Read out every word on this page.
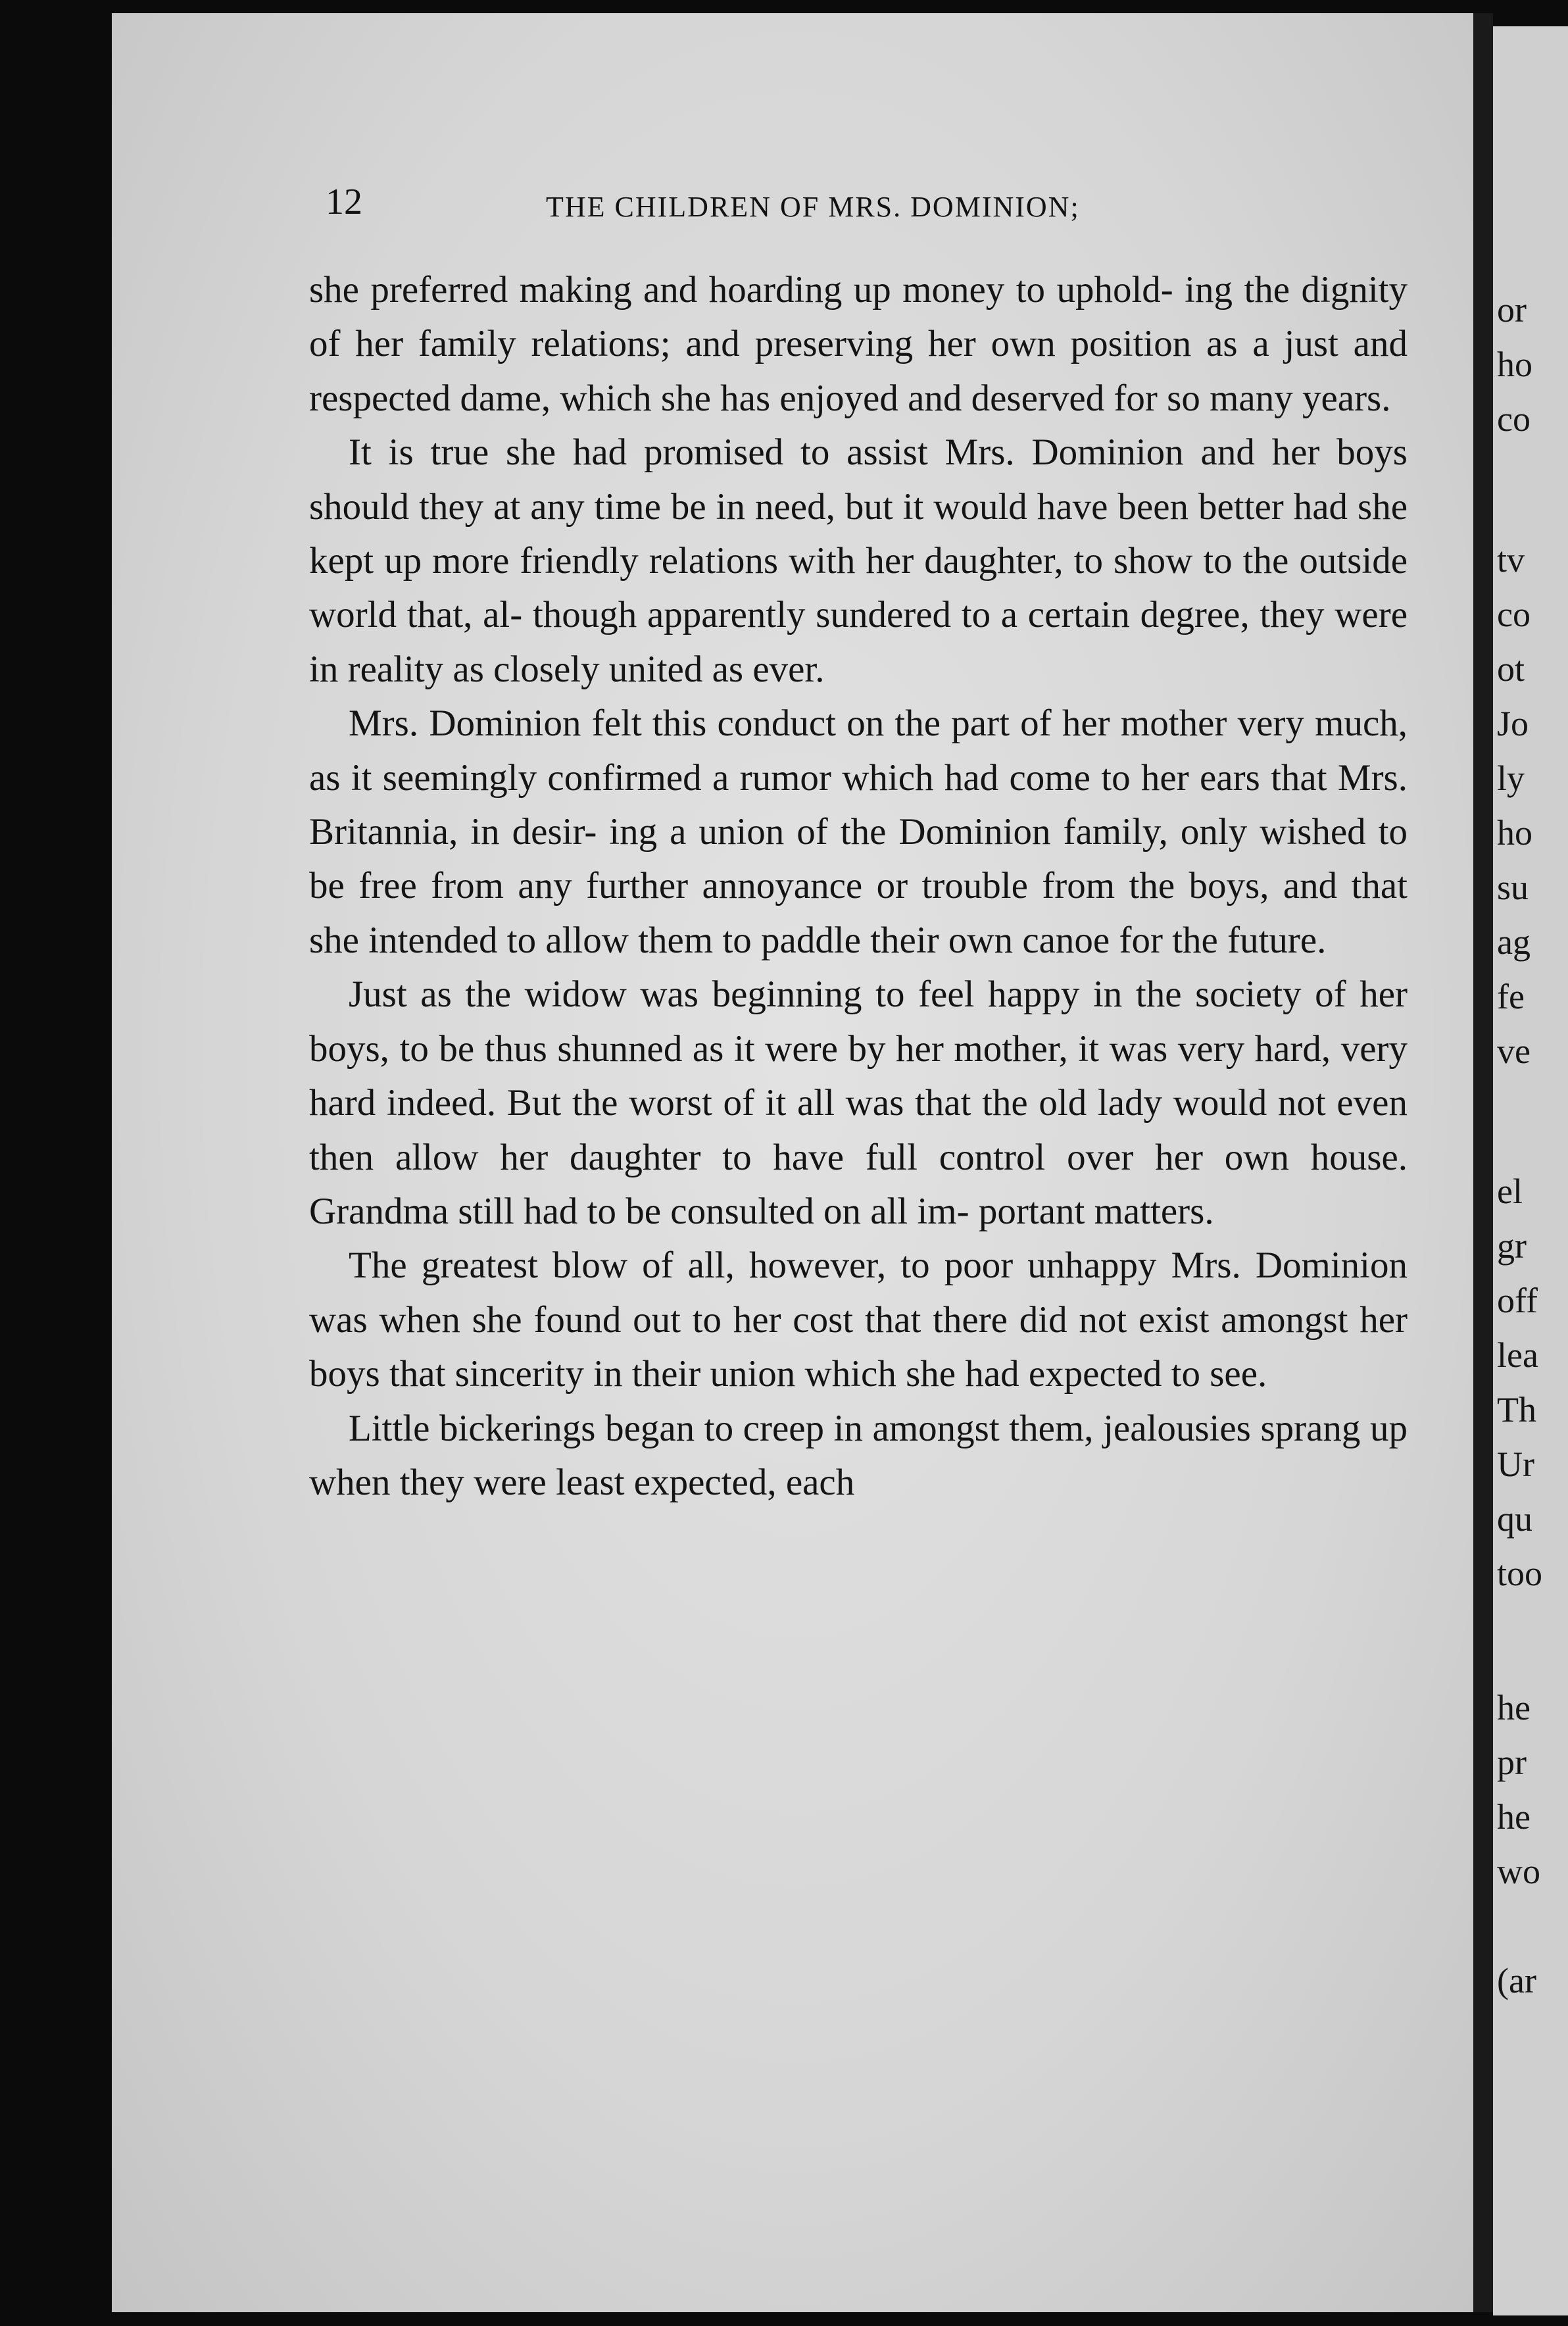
12	THE CHILDREN OF MRS. DOMINION;

she preferred making and hoarding up money to uphold- ing the dignity of her family relations; and preserving her own position as a just and respected dame, which she has enjoyed and deserved for so many years.

It is true she had promised to assist Mrs. Dominion and her boys should they at any time be in need, but it would have been better had she kept up more friendly relations with her daughter, to show to the outside world that, al- though apparently sundered to a certain degree, they were in reality as closely united as ever.

Mrs. Dominion felt this conduct on the part of her mother very much, as it seemingly confirmed a rumor which had come to her ears that Mrs. Britannia, in desir- ing a union of the Dominion family, only wished to be free from any further annoyance or trouble from the boys, and that she intended to allow them to paddle their own canoe for the future.

Just as the widow was beginning to feel happy in the society of her boys, to be thus shunned as it were by her mother, it was very hard, very hard indeed. But the worst of it all was that the old lady would not even then allow her daughter to have full control over her own house. Grandma still had to be consulted on all im- portant matters.

The greatest blow of all, however, to poor unhappy Mrs. Dominion was when she found out to her cost that there did not exist amongst her boys that sincerity in their union which she had expected to see.

Little bickerings began to creep in amongst them, jealousies sprang up when they were least expected, each

or
ho
co
tv
co
ot
Jo
ly
ho
su
ag
fe
ve
el
gr
off
lea
Th
Ur
qu
too
he
pr
he
wo
(ar
